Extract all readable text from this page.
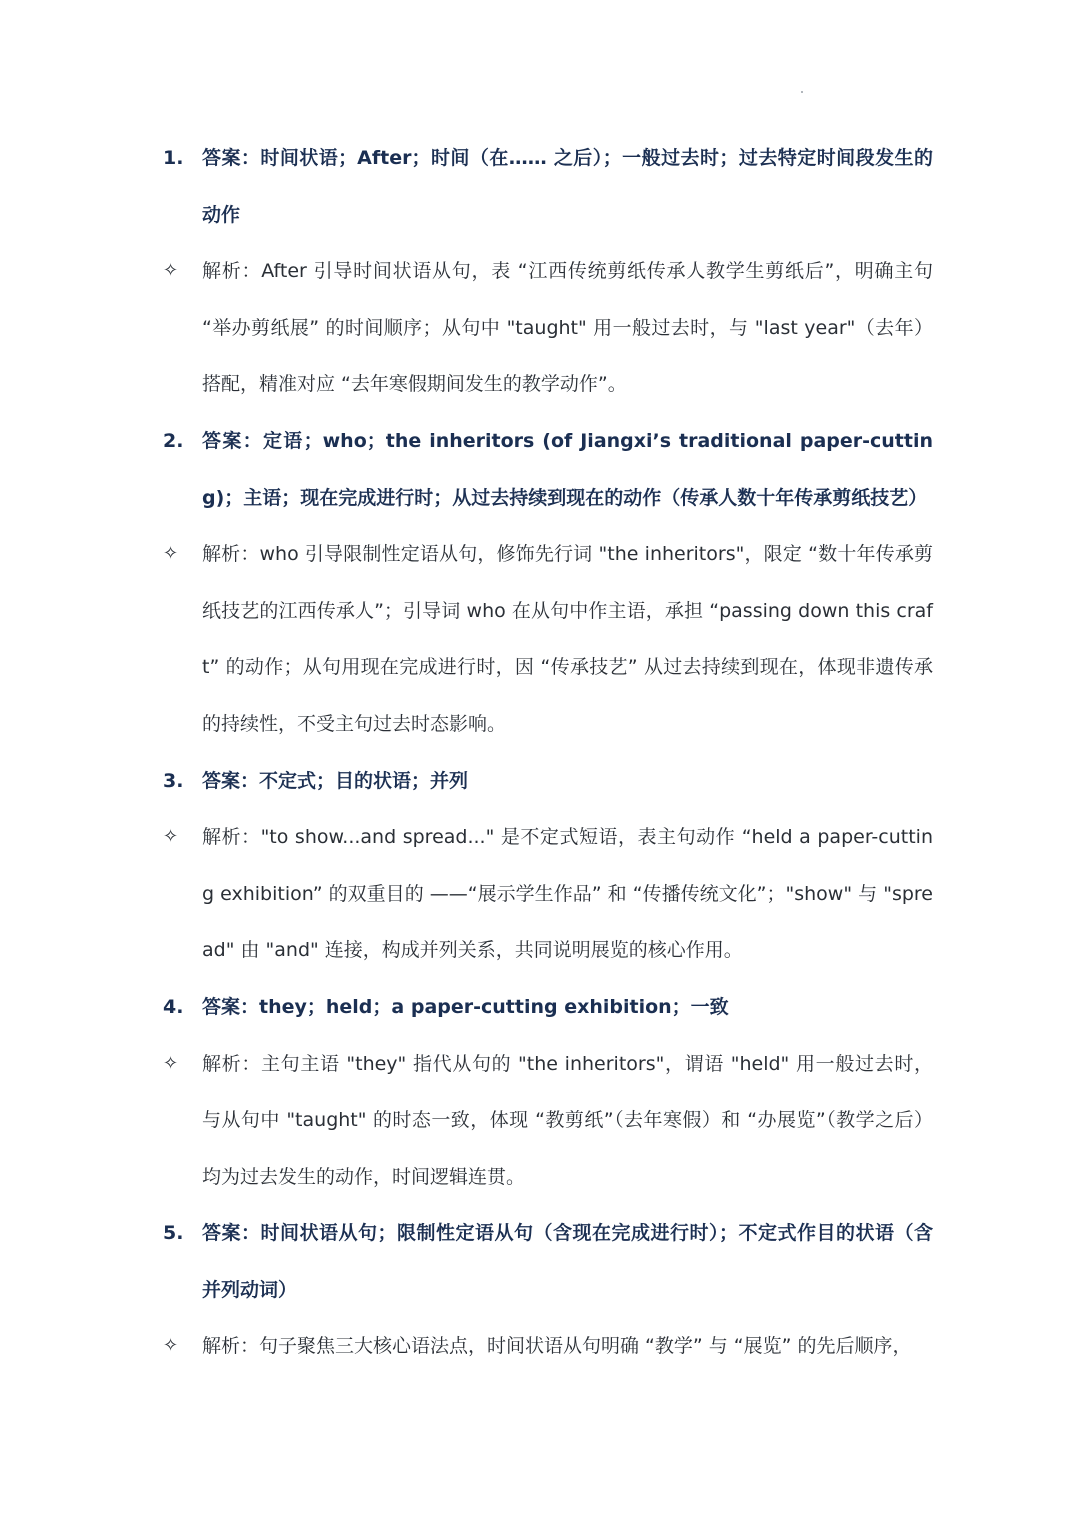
1. 答案：时间状语；After；时间（在…… 之后）；一般过去时；过去特定时间段发生的动作
✧	解析：After 引导时间状语从句，表 “江西传统剪纸传承人教学生剪纸后”，明确主句 “举办剪纸展” 的时间顺序；从句中 "taught" 用一般过去时，与 "last year"（去年）搭配，精准对应 “去年寒假期间发生的教学动作”。
2. 答案：定语；who；the inheritors (of Jiangxi’s traditional paper-cutting)；主语；现在完成进行时；从过去持续到现在的动作（传承人数十年传承剪纸技艺）
✧	解析：who 引导限制性定语从句，修饰先行词 "the inheritors"，限定 “数十年传承剪纸技艺的江西传承人”；引导词 who 在从句中作主语，承担 “passing down this craft” 的动作；从句用现在完成进行时，因 “传承技艺” 从过去持续到现在，体现非遗传承的持续性，不受主句过去时态影响。
3. 答案：不定式；目的状语；并列
✧	解析："to show...and spread..." 是不定式短语，表主句动作 “held a paper-cutting exhibition” 的双重目的 ——“展示学生作品” 和 “传播传统文化”；"show" 与 "spread" 由 "and" 连接，构成并列关系，共同说明展览的核心作用。
4. 答案：they；held；a paper-cutting exhibition；一致
✧	解析：主句主语 "they" 指代从句的 "the inheritors"，谓语 "held" 用一般过去时，与从句中 "taught" 的时态一致，体现 “教剪纸”（去年寒假）和 “办展览”（教学之后）均为过去发生的动作，时间逻辑连贯。
5. 答案：时间状语从句；限制性定语从句（含现在完成进行时）；不定式作目的状语（含并列动词）
✧	解析：句子聚焦三大核心语法点，时间状语从句明确 “教学” 与 “展览” 的先后顺序，
